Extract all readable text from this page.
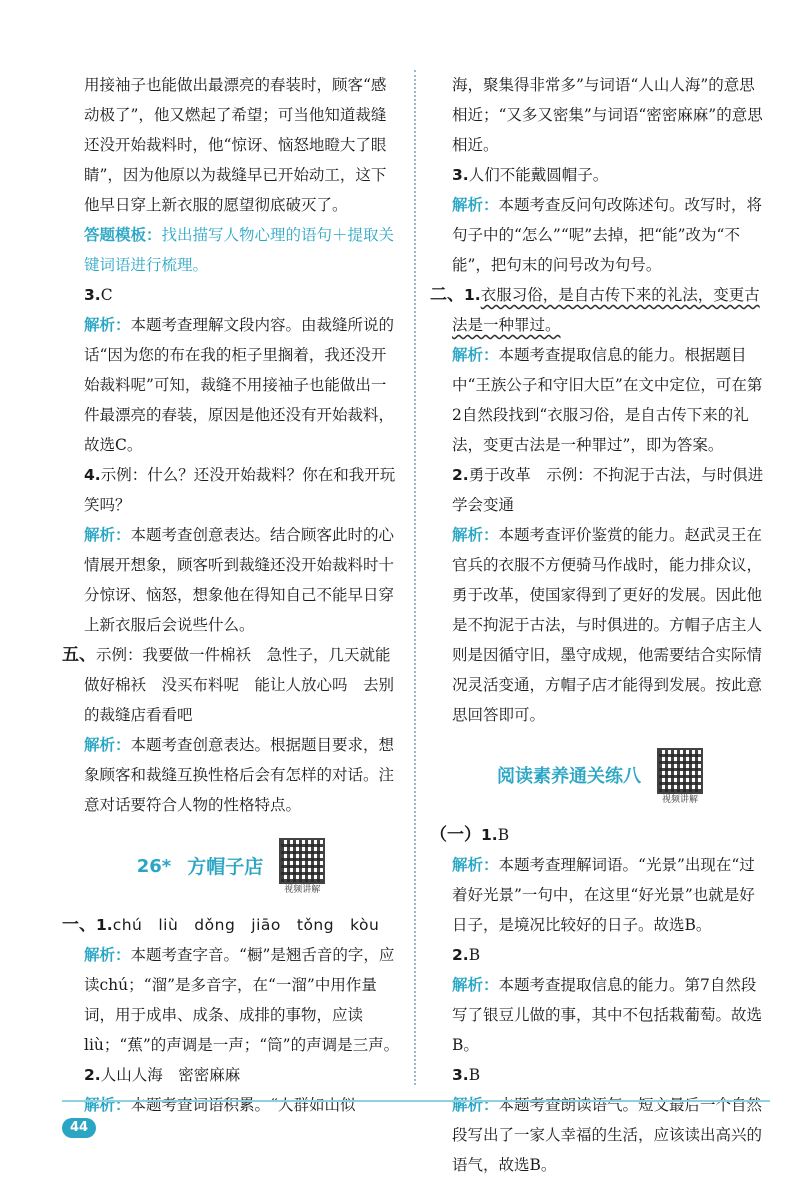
用接袖子也能做出最漂亮的春装时，顾客“感动极了”，他又燃起了希望；可当他知道裁缝还没开始裁料时，他“惊讶、恼怒地瞪大了眼睛”，因为他原以为裁缝早已开始动工，这下他早日穿上新衣服的愿望彻底破灭了。

答题模板：找出描写人物心理的语句＋提取关键词语进行梳理。

3.C

解析：本题考查理解文段内容。由裁缝所说的话“因为您的布在我的柜子里搁着，我还没开始裁料呢”可知，裁缝不用接袖子也能做出一件最漂亮的春装，原因是他还没有开始裁料，故选C。

4.示例：什么？还没开始裁料？你在和我开玩笑吗？

解析：本题考查创意表达。结合顾客此时的心情展开想象，顾客听到裁缝还没开始裁料时十分惊讶、恼怒，想象他在得知自己不能早日穿上新衣服后会说些什么。

五、示例：我要做一件棉袄　急性子，几天就能做好棉袄　没买布料呢　能让人放心吗　去别的裁缝店看看吧

解析：本题考查创意表达。根据题目要求，想象顾客和裁缝互换性格后会有怎样的对话。注意对话要符合人物的性格特点。

26* 方帽子店
视频讲解

一、1.chú　liù　dǒng　jiāo　tǒng　kòu

解析：本题考查字音。“橱”是翘舌音的字，应读chú；“溜”是多音字，在“一溜”中用作量词，用于成串、成条、成排的事物，应读liù；“蕉”的声调是一声；“筒”的声调是三声。

2.人山人海　密密麻麻

解析：本题考查词语积累。“人群如山似

海，聚集得非常多”与词语“人山人海”的意思相近；“又多又密集”与词语“密密麻麻”的意思相近。

3.人们不能戴圆帽子。

解析：本题考查反问句改陈述句。改写时，将句子中的“怎么”“呢”去掉，把“能”改为“不能”，把句末的问号改为句号。

二、1.衣服习俗，是自古传下来的礼法，变更古法是一种罪过。

解析：本题考查提取信息的能力。根据题目中“王族公子和守旧大臣”在文中定位，可在第2自然段找到“衣服习俗，是自古传下来的礼法，变更古法是一种罪过”，即为答案。

2.勇于改革　示例：不拘泥于古法，与时俱进　学会变通

解析：本题考查评价鉴赏的能力。赵武灵王在官兵的衣服不方便骑马作战时，能力排众议，勇于改革，使国家得到了更好的发展。因此他是不拘泥于古法，与时俱进的。方帽子店主人则是因循守旧，墨守成规，他需要结合实际情况灵活变通，方帽子店才能得到发展。按此意思回答即可。

阅读素养通关练八
视频讲解

（一）1.B

解析：本题考查理解词语。“光景”出现在“过着好光景”一句中，在这里“好光景”也就是好日子，是境况比较好的日子。故选B。

2.B

解析：本题考查提取信息的能力。第7自然段写了银豆儿做的事，其中不包括栽葡萄。故选B。

3.B

解析：本题考查朗读语气。短文最后一个自然段写出了一家人幸福的生活，应该读出高兴的语气，故选B。

44
